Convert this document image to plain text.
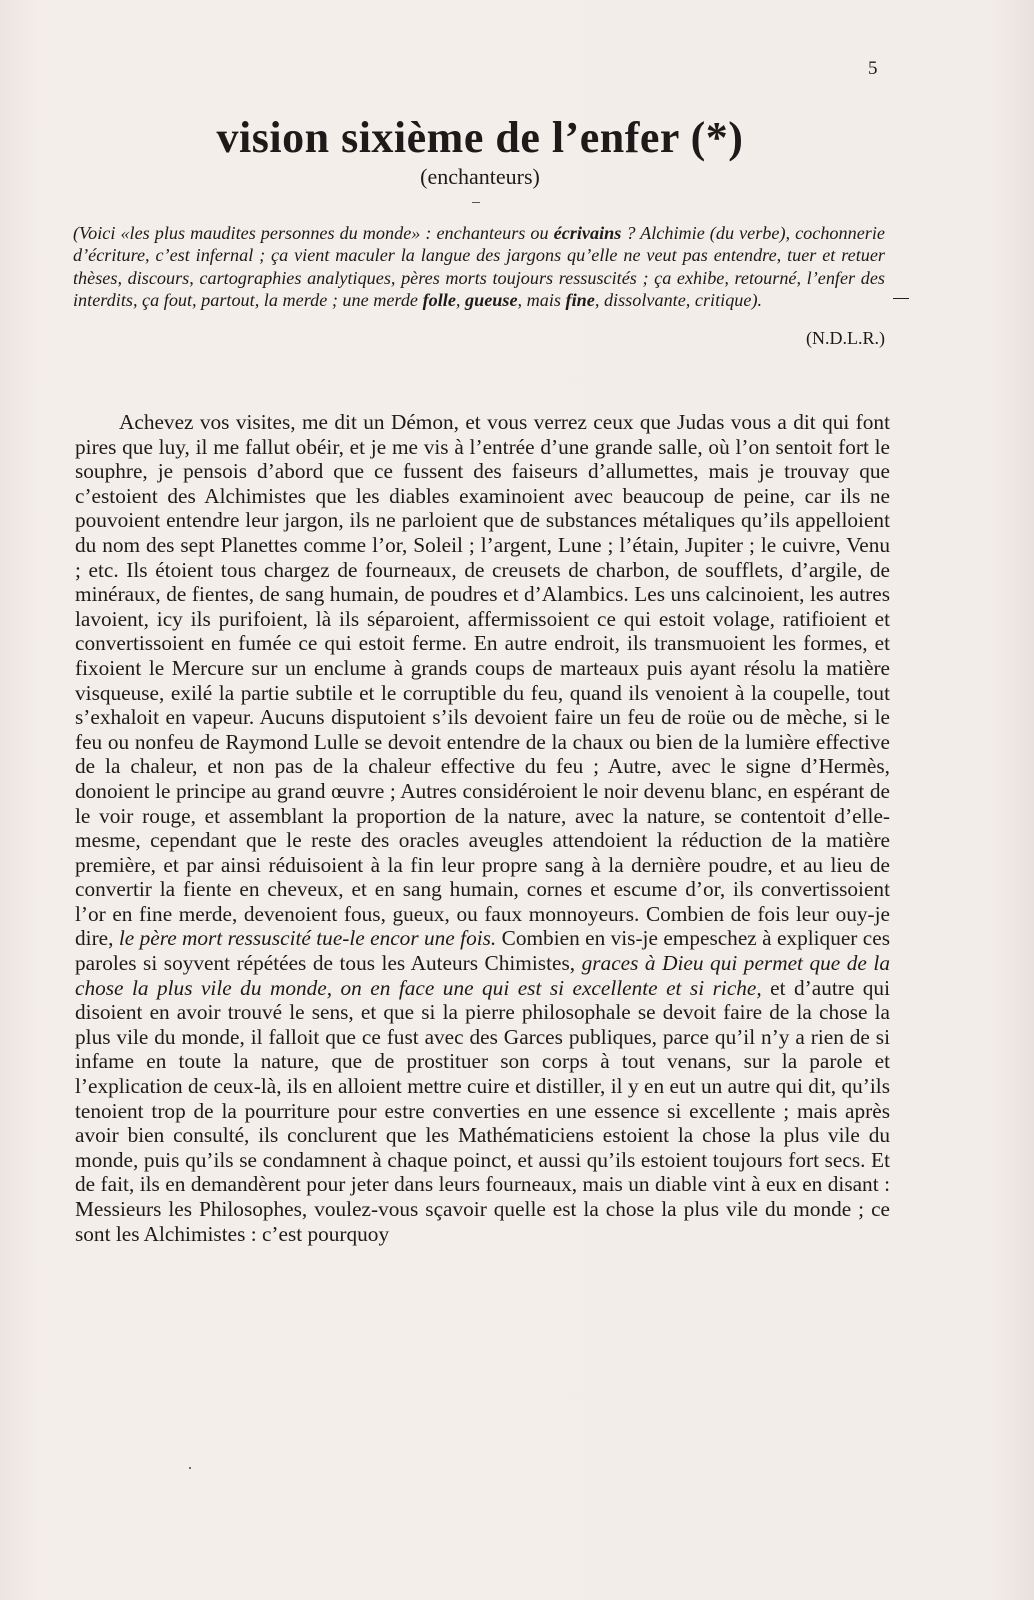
5
vision sixième de l’enfer (*)
(enchanteurs)

(Voici «les plus maudites personnes du monde» : enchanteurs ou écrivains ? Alchimie (du verbe), cochonnerie d’écriture, c’est infernal ; ça vient maculer la langue des jargons qu’elle ne veut pas entendre, tuer et retuer thèses, discours, cartographies analytiques, pères morts toujours ressuscités ; ça exhibe, retourné, l’enfer des interdits, ça fout, partout, la merde ; une merde folle, gueuse, mais fine, dissolvante, critique).

(N.D.L.R.)

Achevez vos visites, me dit un Démon, et vous verrez ceux que Judas vous a dit qui font pires que luy, il me fallut obéir, et je me vis à l’entrée d’une grande salle, où l’on sentoit fort le souphre, je pensois d’abord que ce fussent des faiseurs d’allumettes, mais je trouvay que c’estoient des Alchimistes que les diables examinoient avec beaucoup de peine, car ils ne pouvoient entendre leur jargon, ils ne parloient que de substances métaliques qu’ils appelloient du nom des sept Planettes comme l’or, Soleil ; l’argent, Lune ; l’étain, Jupiter ; le cuivre, Venu ; etc. Ils étoient tous chargez de fourneaux, de creusets de charbon, de soufflets, d’argile, de minéraux, de fientes, de sang humain, de poudres et d’Alambics. Les uns calcinoient, les autres lavoient, icy ils purifoient, là ils séparoient, affermissoient ce qui estoit volage, ratifioient et convertissoient en fumée ce qui estoit ferme. En autre endroit, ils transmuoient les formes, et fixoient le Mercure sur un enclume à grands coups de marteaux puis ayant résolu la matière visqueuse, exilé la partie subtile et le corruptible du feu, quand ils venoient à la coupelle, tout s’exhaloit en vapeur. Aucuns disputoient s’ils devoient faire un feu de roüe ou de mèche, si le feu ou nonfeu de Raymond Lulle se devoit entendre de la chaux ou bien de la lumière effective de la chaleur, et non pas de la chaleur effective du feu ; Autre, avec le signe d’Hermès, donoient le principe au grand œuvre ; Autres considéroient le noir devenu blanc, en espérant de le voir rouge, et assemblant la proportion de la nature, avec la nature, se contentoit d’elle-mesme, cependant que le reste des oracles aveugles attendoient la réduction de la matière première, et par ainsi réduisoient à la fin leur propre sang à la dernière poudre, et au lieu de convertir la fiente en cheveux, et en sang humain, cornes et escume d’or, ils convertissoient l’or en fine merde, devenoient fous, gueux, ou faux monnoyeurs. Combien de fois leur ouy-je dire, le père mort ressuscité tue-le encor une fois. Combien en vis-je empeschez à expliquer ces paroles si soyvent répétées de tous les Auteurs Chimistes, graces à Dieu qui permet que de la chose la plus vile du monde, on en face une qui est si excellente et si riche, et d’autre qui disoient en avoir trouvé le sens, et que si la pierre philosophale se devoit faire de la chose la plus vile du monde, il falloit que ce fust avec des Garces publiques, parce qu’il n’y a rien de si infame en toute la nature, que de prostituer son corps à tout venans, sur la parole et l’explication de ceux-là, ils en alloient mettre cuire et distiller, il y en eut un autre qui dit, qu’ils tenoient trop de la pourriture pour estre converties en une essence si excellente ; mais après avoir bien consulté, ils conclurent que les Mathématiciens estoient la chose la plus vile du monde, puis qu’ils se condamnent à chaque poinct, et aussi qu’ils estoient toujours fort secs. Et de fait, ils en demandèrent pour jeter dans leurs fourneaux, mais un diable vint à eux en disant : Messieurs les Philosophes, voulez-vous sçavoir quelle est la chose la plus vile du monde ; ce sont les Alchimistes : c’est pourquoy
